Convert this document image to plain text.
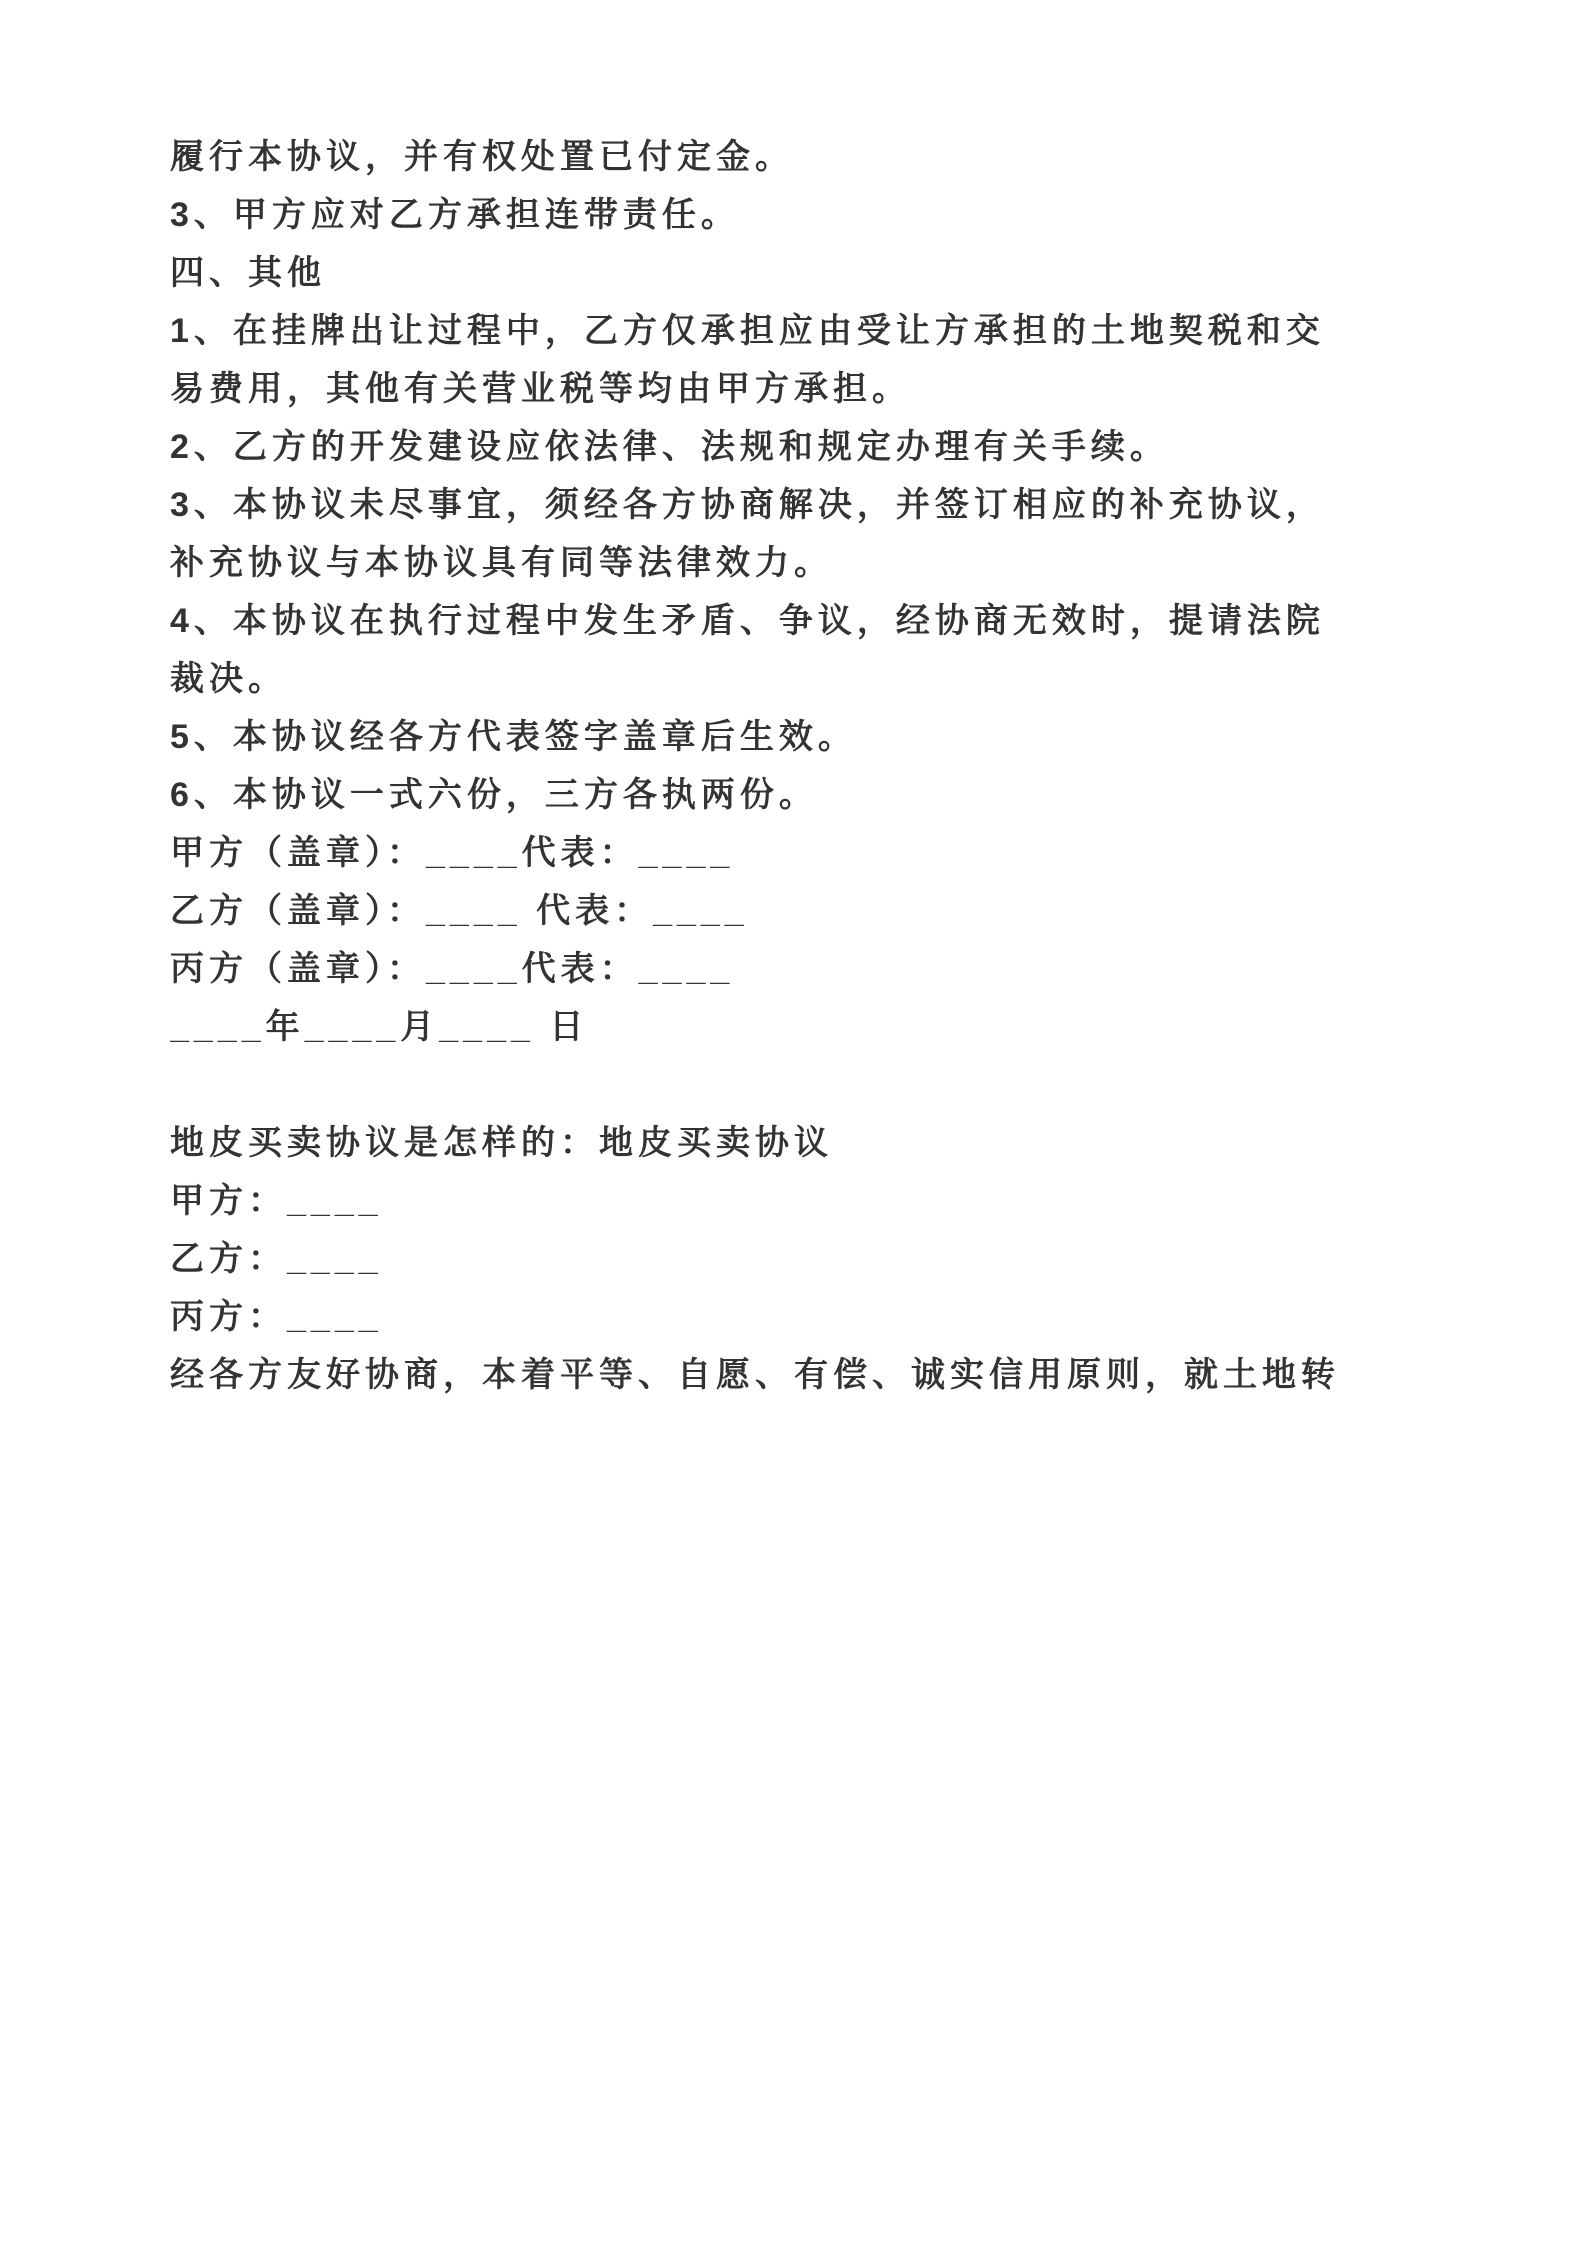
履行本协议，并有权处置已付定金。
3、甲方应对乙方承担连带责任。
四、其他
1、在挂牌出让过程中，乙方仅承担应由受让方承担的土地契税和交
易费用，其他有关营业税等均由甲方承担。
2、乙方的开发建设应依法律、法规和规定办理有关手续。
3、本协议未尽事宜，须经各方协商解决，并签订相应的补充协议，
补充协议与本协议具有同等法律效力。
4、本协议在执行过程中发生矛盾、争议，经协商无效时，提请法院
裁决。
5、本协议经各方代表签字盖章后生效。
6、本协议一式六份，三方各执两份。
甲方（盖章）：____代表：____
乙方（盖章）：____ 代表：____
丙方（盖章）：____代表：____
____年____月____ 日
地皮买卖协议是怎样的：地皮买卖协议
甲方：____
乙方：____
丙方：____
经各方友好协商，本着平等、自愿、有偿、诚实信用原则，就土地转
